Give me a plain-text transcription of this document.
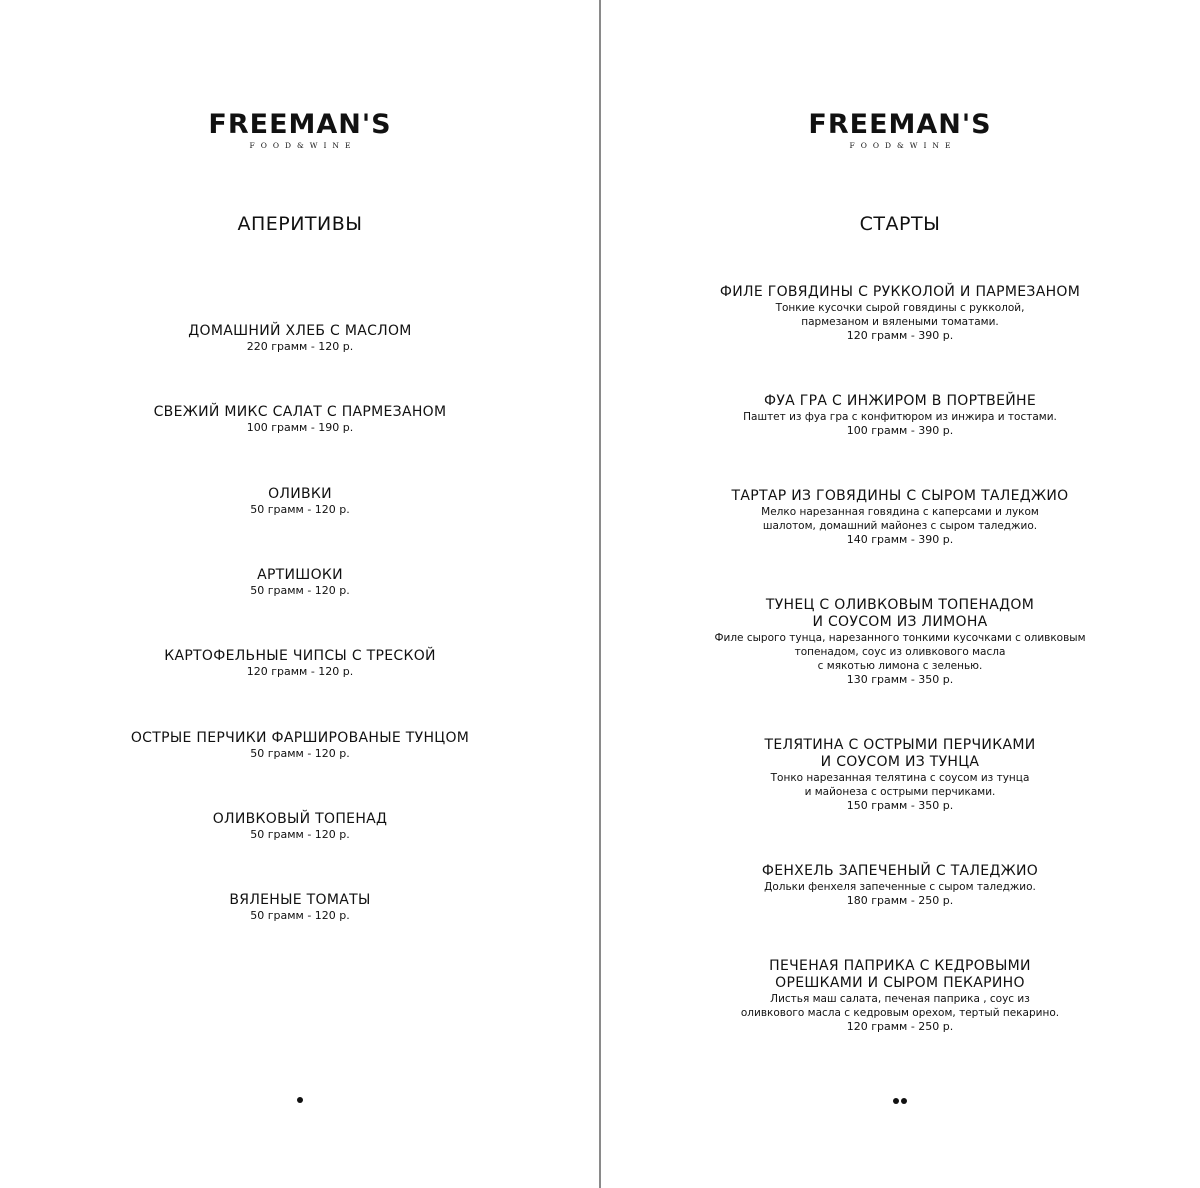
FREEMAN'S
FOOD&WINE
АПЕРИТИВЫ
ДОМАШНИЙ ХЛЕБ С МАСЛОМ
220 грамм - 120 р.
СВЕЖИЙ МИКС САЛАТ С ПАРМЕЗАНОМ
100 грамм - 190 р.
ОЛИВКИ
50 грамм - 120 р.
АРТИШОКИ
50 грамм - 120 р.
КАРТОФЕЛЬНЫЕ ЧИПСЫ С ТРЕСКОЙ
120 грамм - 120 р.
ОСТРЫЕ ПЕРЧИКИ ФАРШИРОВАНЫЕ ТУНЦОМ
50 грамм - 120 р.
ОЛИВКОВЫЙ ТОПЕНАД
50 грамм - 120 р.
ВЯЛЕНЫЕ ТОМАТЫ
50 грамм - 120 р.
FREEMAN'S
FOOD&WINE
СТАРТЫ
ФИЛЕ ГОВЯДИНЫ С РУККОЛОЙ И ПАРМЕЗАНОМ
Тонкие кусочки сырой говядины с рукколой,
пармезаном и вялеными томатами.
120 грамм - 390 р.
ФУА ГРА С ИНЖИРОМ В ПОРТВЕЙНЕ
Паштет из фуа гра с конфитюром из инжира и тостами.
100 грамм - 390 р.
ТАРТАР ИЗ ГОВЯДИНЫ С СЫРОМ ТАЛЕДЖИО
Мелко нарезанная говядина с каперсами и луком
шалотом, домашний майонез с сыром таледжио.
140 грамм - 390 р.
ТУНЕЦ С ОЛИВКОВЫМ ТОПЕНАДОМ
И СОУСОМ ИЗ ЛИМОНА
Филе сырого тунца, нарезанного тонкими кусочками с оливковым
топенадом, соус из оливкового масла
с мякотью лимона с зеленью.
130 грамм - 350 р.
ТЕЛЯТИНА С ОСТРЫМИ ПЕРЧИКАМИ
И СОУСОМ ИЗ ТУНЦА
Тонко нарезанная телятина с соусом из тунца
и майонеза с острыми перчиками.
150 грамм - 350 р.
ФЕНХЕЛЬ ЗАПЕЧЕНЫЙ С ТАЛЕДЖИО
Дольки фенхеля запеченные с сыром таледжио.
180 грамм - 250 р.
ПЕЧЕНАЯ ПАПРИКА С КЕДРОВЫМИ
ОРЕШКАМИ И СЫРОМ ПЕКАРИНО
Листья маш салата, печеная паприка , соус из
оливкового масла с кедровым орехом, тертый пекарино.
120 грамм - 250 р.
